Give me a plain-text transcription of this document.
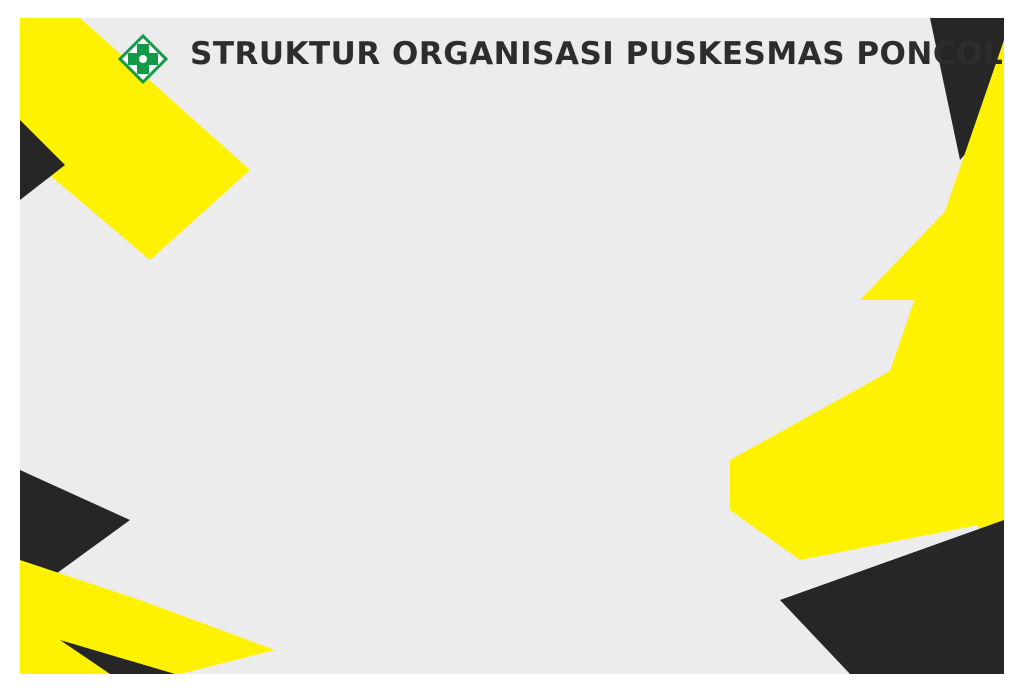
STRUKTUR ORGANISASI PUSKESMAS PONCOL
